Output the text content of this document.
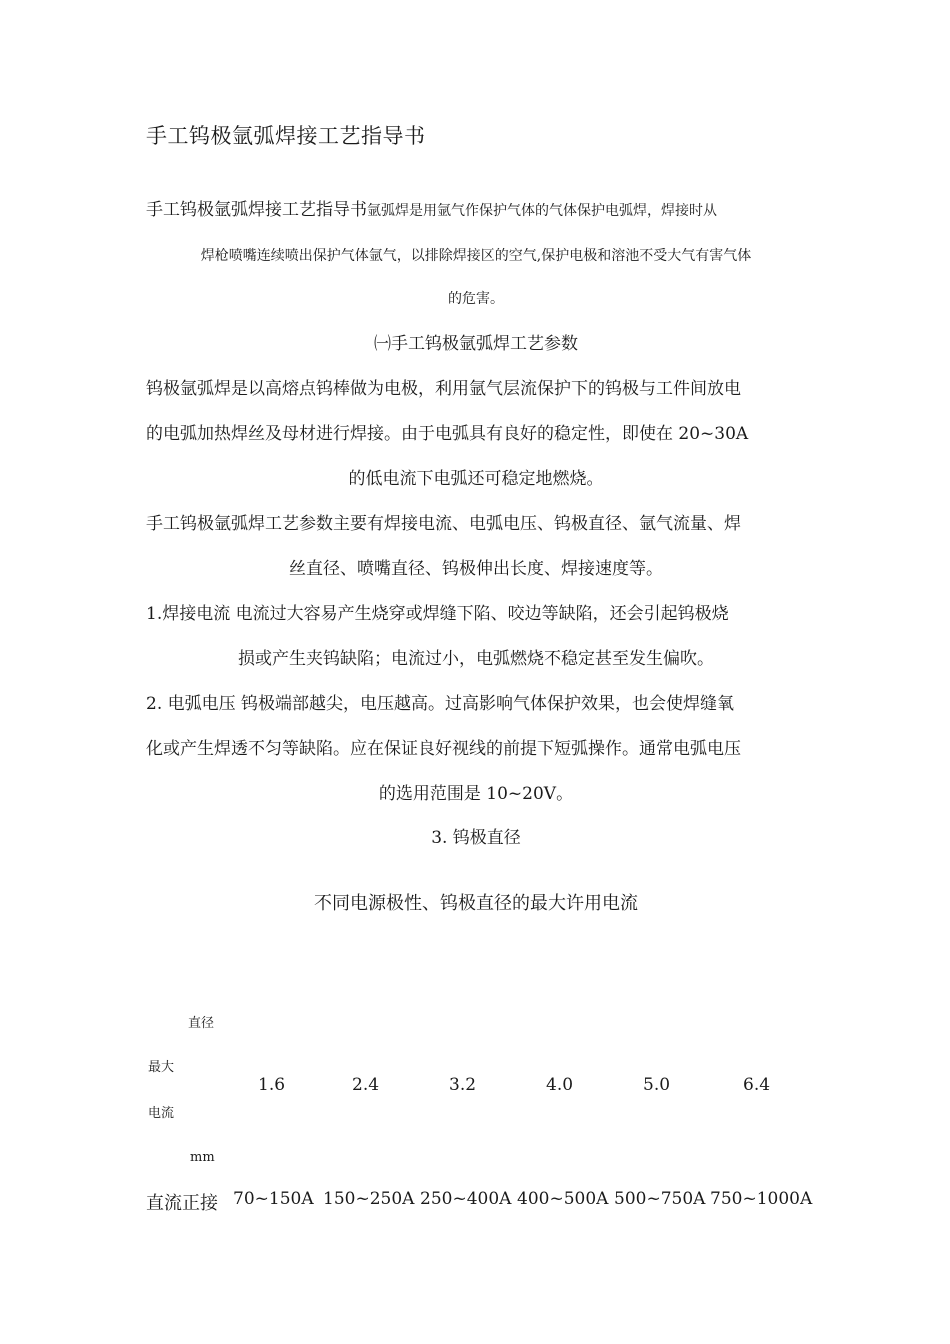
手工钨极氩弧焊接工艺指导书
手工钨极氩弧焊接工艺指导书氩弧焊是用氩气作保护气体的气体保护电弧焊，焊接时从
焊枪喷嘴连续喷出保护气体氩气，以排除焊接区的空气,保护电极和溶池不受大气有害气体
的危害。
㈠手工钨极氩弧焊工艺参数
钨极氩弧焊是以高熔点钨棒做为电极，利用氩气层流保护下的钨极与工件间放电
的电弧加热焊丝及母材进行焊接。由于电弧具有良好的稳定性，即使在 20~30A
的低电流下电弧还可稳定地燃烧。
手工钨极氩弧焊工艺参数主要有焊接电流、电弧电压、钨极直径、氩气流量、焊
丝直径、喷嘴直径、钨极伸出长度、焊接速度等。
1.焊接电流 电流过大容易产生烧穿或焊缝下陷、咬边等缺陷，还会引起钨极烧
损或产生夹钨缺陷；电流过小，电弧燃烧不稳定甚至发生偏吹。
2. 电弧电压 钨极端部越尖，电压越高。过高影响气体保护效果，也会使焊缝氧
化或产生焊透不匀等缺陷。应在保证良好视线的前提下短弧操作。通常电弧电压
的选用范围是 10~20V。
3. 钨极直径
不同电源极性、钨极直径的最大许用电流
直径
最大
电流
mm
1.6	2.4	3.2	4.0	5.0	6.4
直流正接 70~150A 150~250A 250~400A 400~500A 500~750A 750~1000A
